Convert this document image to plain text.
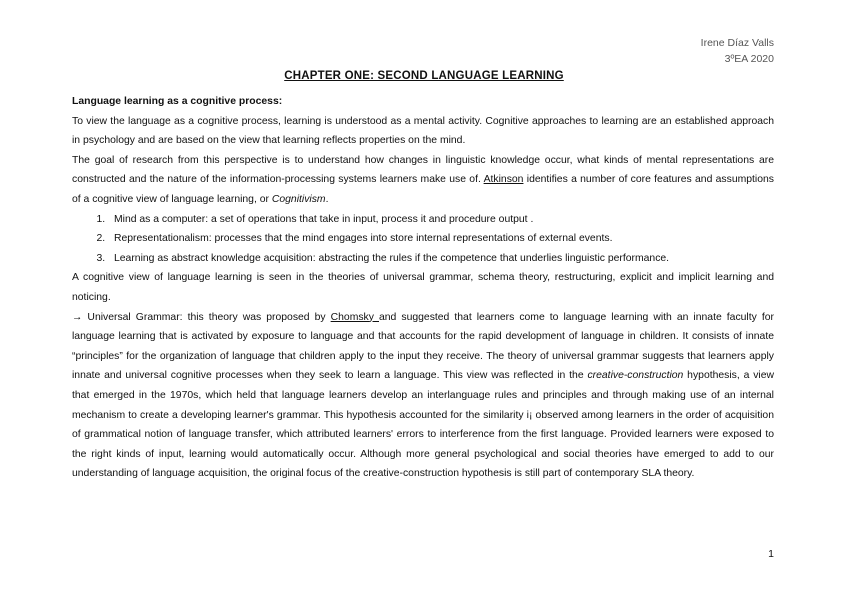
Irene Díaz Valls
3ºEA 2020
CHAPTER ONE: SECOND LANGUAGE LEARNING

Language learning as a cognitive process:

To view the language as a cognitive process, learning is understood as a mental activity. Cognitive approaches to learning are an established approach in psychology and are based on the view that learning reflects properties on the mind.

The goal of research from this perspective is to understand how changes in linguistic knowledge occur, what kinds of mental representations are constructed and the nature of the information-processing systems learners make use of. Atkinson identifies a number of core features and assumptions of a cognitive view of language learning, or Cognitivism.

1. Mind as a computer: a set of operations that take in input, process it and procedure output .
2. Representationalism: processes that the mind engages into store internal representations of external events.
3. Learning as abstract knowledge acquisition: abstracting the rules if the competence that underlies linguistic performance.

A cognitive view of language learning is seen in the theories of universal grammar, schema theory, restructuring, explicit and implicit learning and noticing.

→ Universal Grammar: this theory was proposed by Chomsky and suggested that learners come to language learning with an innate faculty for language learning that is activated by exposure to language and that accounts for the rapid development of language in children. It consists of innate “principles” for the organization of language that children apply to the input they receive. The theory of universal grammar suggests that learners apply innate and universal cognitive processes when they seek to learn a language. This view was reflected in the creative-construction hypothesis, a view that emerged in the 1970s, which held that language learners develop an interlanguage rules and principles and through making use of an internal mechanism to create a developing learner's grammar. This hypothesis accounted for the similarity i¡ observed among learners in the order of acquisition of grammatical notion of language transfer, which attributed learners' errors to interference from the first language. Provided learners were exposed to the right kinds of input, learning would automatically occur. Although more general psychological and social theories have emerged to add to our understanding of language acquisition, the original focus of the creative-construction hypothesis is still part of contemporary SLA theory.

1
